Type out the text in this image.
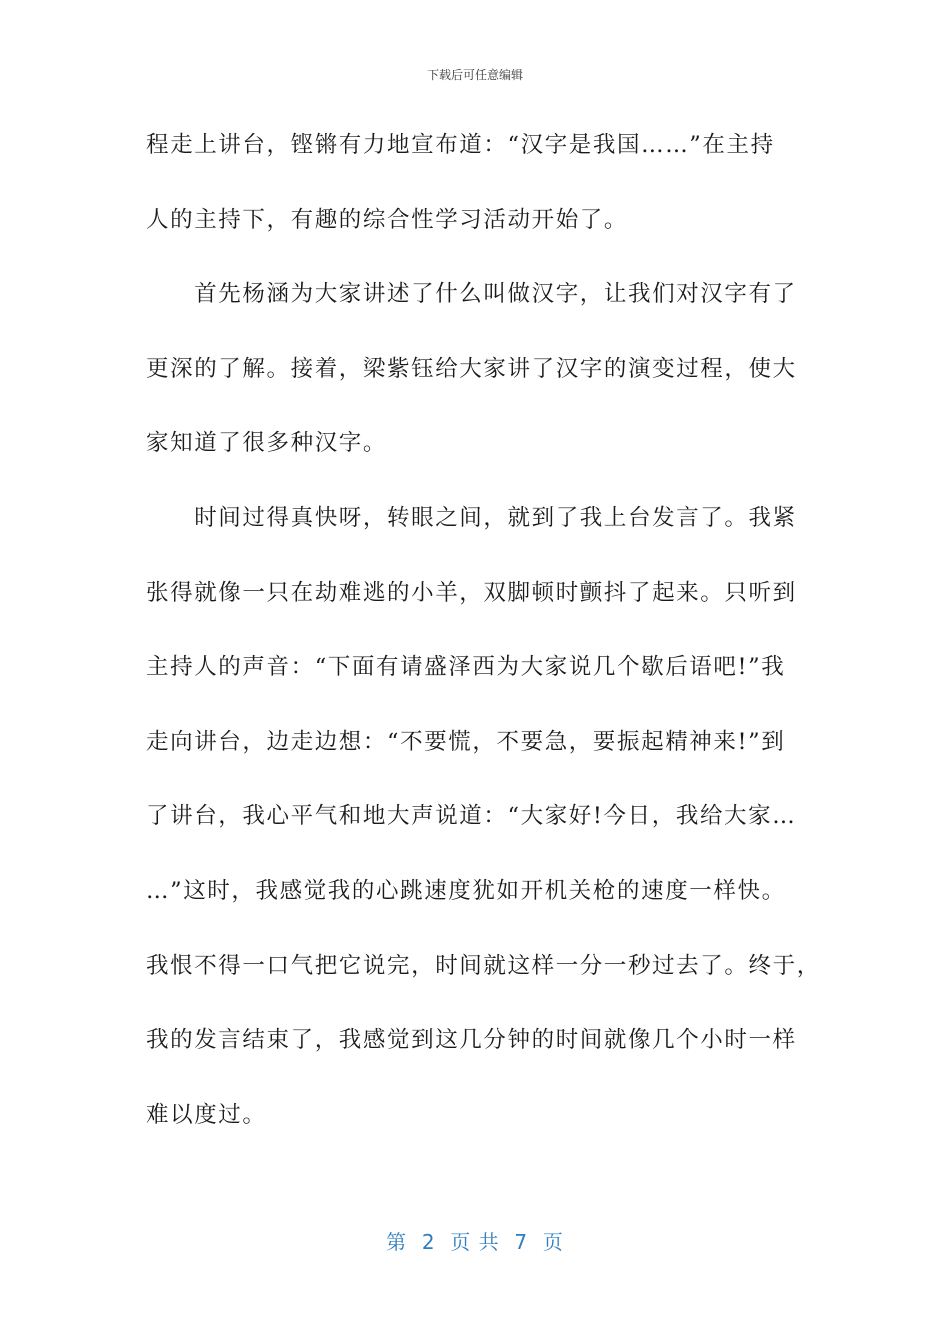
下载后可任意编辑
程走上讲台，铿锵有力地宣布道：“汉字是我国……”在主持
人的主持下，有趣的综合性学习活动开始了。
　　首先杨涵为大家讲述了什么叫做汉字，让我们对汉字有了
更深的了解。接着，梁紫钰给大家讲了汉字的演变过程，使大
家知道了很多种汉字。
　　时间过得真快呀，转眼之间，就到了我上台发言了。我紧
张得就像一只在劫难逃的小羊，双脚顿时颤抖了起来。只听到
主持人的声音：“下面有请盛泽西为大家说几个歇后语吧!”我
走向讲台，边走边想：“不要慌，不要急，要振起精神来!”到
了讲台，我心平气和地大声说道：“大家好!今日，我给大家…
…”这时，我感觉我的心跳速度犹如开机关枪的速度一样快。
我恨不得一口气把它说完，时间就这样一分一秒过去了。终于，
我的发言结束了，我感觉到这几分钟的时间就像几个小时一样
难以度过。
第  2  页 共  7  页
